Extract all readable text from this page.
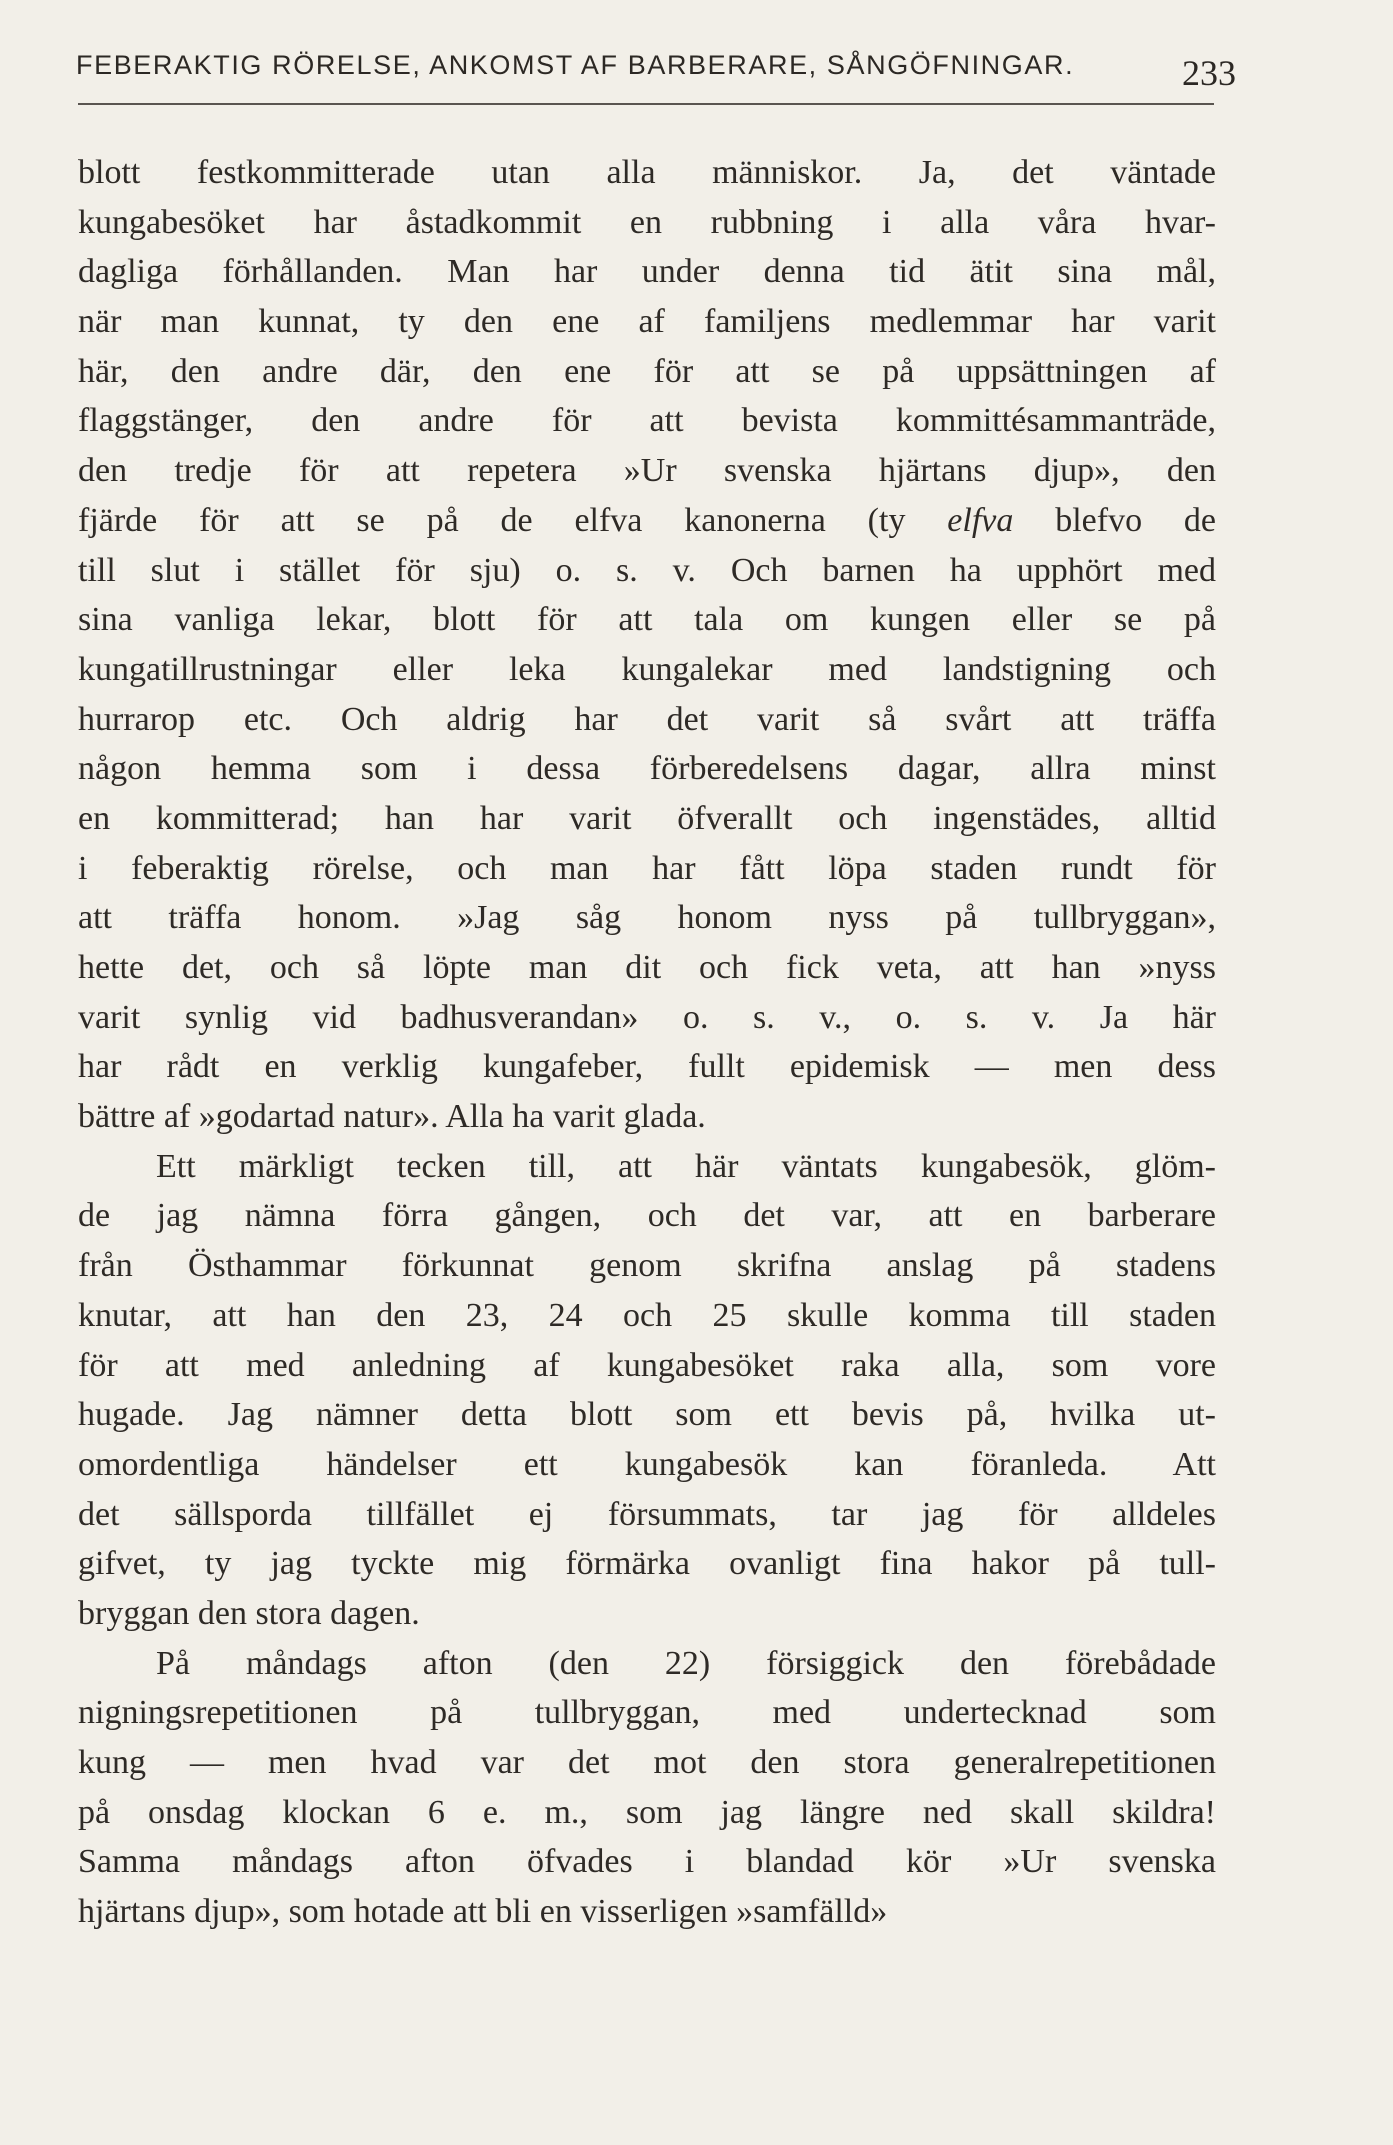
FEBERAKTIG RÖRELSE, ANKOMST AF BARBERARE, SÅNGÖFNINGAR.	233
blott festkommitterade utan alla människor. Ja, det väntade
kungabesöket har åstadkommit en rubbning i alla våra hvar-
dagliga förhållanden. Man har under denna tid ätit sina mål,
när man kunnat, ty den ene af familjens medlemmar har varit
här, den andre där, den ene för att se på uppsättningen af
flaggstänger, den andre för att bevista kommittésammanträde,
den tredje för att repetera »Ur svenska hjärtans djup», den
fjärde för att se på de elfva kanonerna (ty elfva blefvo de
till slut i stället för sju) o. s. v. Och barnen ha upphört med
sina vanliga lekar, blott för att tala om kungen eller se på
kungatillrustningar eller leka kungalekar med landstigning och
hurrarop etc. Och aldrig har det varit så svårt att träffa
någon hemma som i dessa förberedelsens dagar, allra minst
en kommitterad; han har varit öfverallt och ingenstädes, alltid
i feberaktig rörelse, och man har fått löpa staden rundt för
att träffa honom. »Jag såg honom nyss på tullbryggan»,
hette det, och så löpte man dit och fick veta, att han »nyss
varit synlig vid badhusverandan» o. s. v., o. s. v. Ja här
har rådt en verklig kungafeber, fullt epidemisk — men dess
bättre af »godartad natur». Alla ha varit glada.
Ett märkligt tecken till, att här väntats kungabesök, glöm-
de jag nämna förra gången, och det var, att en barberare
från Östhammar förkunnat genom skrifna anslag på stadens
knutar, att han den 23, 24 och 25 skulle komma till staden
för att med anledning af kungabesöket raka alla, som vore
hugade. Jag nämner detta blott som ett bevis på, hvilka ut-
omordentliga händelser ett kungabesök kan föranleda. Att
det sällsporda tillfället ej försummats, tar jag för alldeles
gifvet, ty jag tyckte mig förmärka ovanligt fina hakor på tull-
bryggan den stora dagen.
På måndags afton (den 22) försiggick den förebådade
nigningsrepetitionen på tullbryggan, med undertecknad som
kung — men hvad var det mot den stora generalrepetitionen
på onsdag klockan 6 e. m., som jag längre ned skall skildra!
Samma måndags afton öfvades i blandad kör »Ur svenska
hjärtans djup», som hotade att bli en visserligen »samfälld»
